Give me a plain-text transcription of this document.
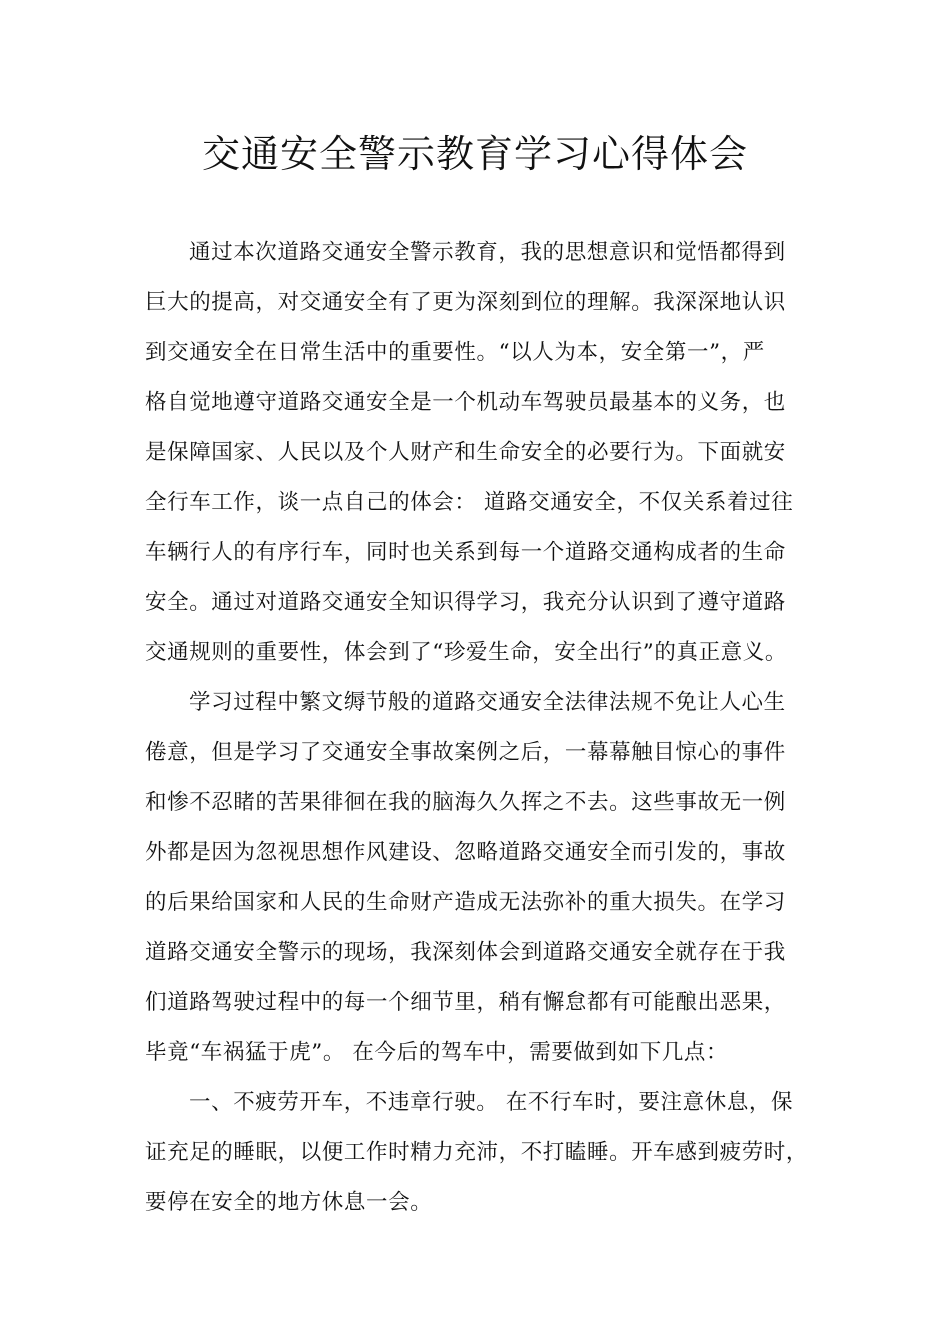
交通安全警示教育学习心得体会
通过本次道路交通安全警示教育，我的思想意识和觉悟都得到
巨大的提高，对交通安全有了更为深刻到位的理解。我深深地认识
到交通安全在日常生活中的重要性。“以人为本，安全第一”，严
格自觉地遵守道路交通安全是一个机动车驾驶员最基本的义务，也
是保障国家、人民以及个人财产和生命安全的必要行为。下面就安
全行车工作，谈一点自己的体会： 道路交通安全，不仅关系着过往
车辆行人的有序行车，同时也关系到每一个道路交通构成者的生命
安全。通过对道路交通安全知识得学习，我充分认识到了遵守道路
交通规则的重要性，体会到了“珍爱生命，安全出行”的真正意义。
学习过程中繁文缛节般的道路交通安全法律法规不免让人心生
倦意，但是学习了交通安全事故案例之后，一幕幕触目惊心的事件
和惨不忍睹的苦果徘徊在我的脑海久久挥之不去。这些事故无一例
外都是因为忽视思想作风建设、忽略道路交通安全而引发的，事故
的后果给国家和人民的生命财产造成无法弥补的重大损失。在学习
道路交通安全警示的现场，我深刻体会到道路交通安全就存在于我
们道路驾驶过程中的每一个细节里，稍有懈怠都有可能酿出恶果，
毕竟“车祸猛于虎”。 在今后的驾车中，需要做到如下几点：
一、不疲劳开车，不违章行驶。 在不行车时，要注意休息，保
证充足的睡眠，以便工作时精力充沛，不打瞌睡。开车感到疲劳时，
要停在安全的地方休息一会。
